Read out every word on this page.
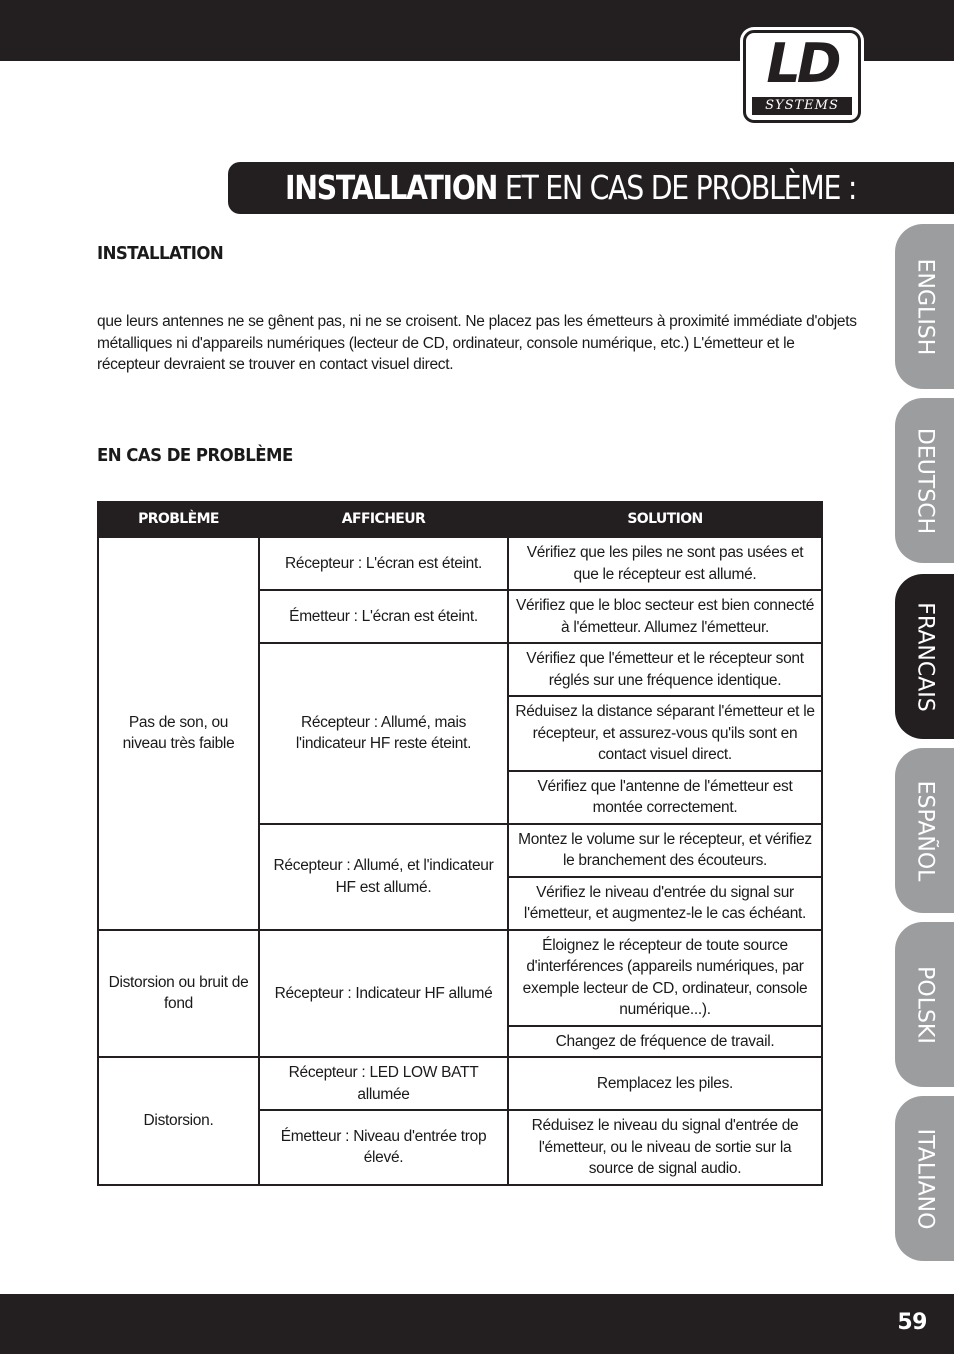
LD
SYSTEMS
INSTALLATION ET EN CAS DE PROBLÈME :
INSTALLATION
que leurs antennes ne se gênent pas, ni ne se croisent. Ne placez pas les émetteurs à proximité immédiate d'objets métalliques ni d'appareils numériques (lecteur de CD, ordinateur, console numérique, etc.) L'émetteur et le récepteur devraient se trouver en contact visuel direct.
EN CAS DE PROBLÈME
PROBLÈME	AFFICHEUR	SOLUTION
Pas de son, ou niveau très faible	Récepteur : L'écran est éteint.	Vérifiez que les piles ne sont pas usées et que le récepteur est allumé.
	Émetteur : L'écran est éteint.	Vérifiez que le bloc secteur est bien connecté à l'émetteur. Allumez l'émetteur.
	Récepteur : Allumé, mais l'indicateur HF reste éteint.	Vérifiez que l'émetteur et le récepteur sont réglés sur une fréquence identique.
		Réduisez la distance séparant l'émetteur et le récepteur, et assurez-vous qu'ils sont en contact visuel direct.
		Vérifiez que l'antenne de l'émetteur est montée correctement.
	Récepteur : Allumé, et l'indicateur HF est allumé.	Montez le volume sur le récepteur, et vérifiez le branchement des écouteurs.
		Vérifiez le niveau d'entrée du signal sur l'émetteur, et augmentez-le le cas échéant.
Distorsion ou bruit de fond	Récepteur : Indicateur HF allumé	Éloignez le récepteur de toute source d'interférences (appareils numériques, par exemple lecteur de CD, ordinateur, console numérique...).
		Changez de fréquence de travail.
Distorsion.	Récepteur : LED LOW BATT allumée	Remplacez les piles.
	Émetteur : Niveau d'entrée trop élevé.	Réduisez le niveau du signal d'entrée de l'émetteur, ou le niveau de sortie sur la source de signal audio.
ENGLISH
DEUTSCH
FRANCAIS
ESPAÑOL
POLSKI
ITALIANO
59
